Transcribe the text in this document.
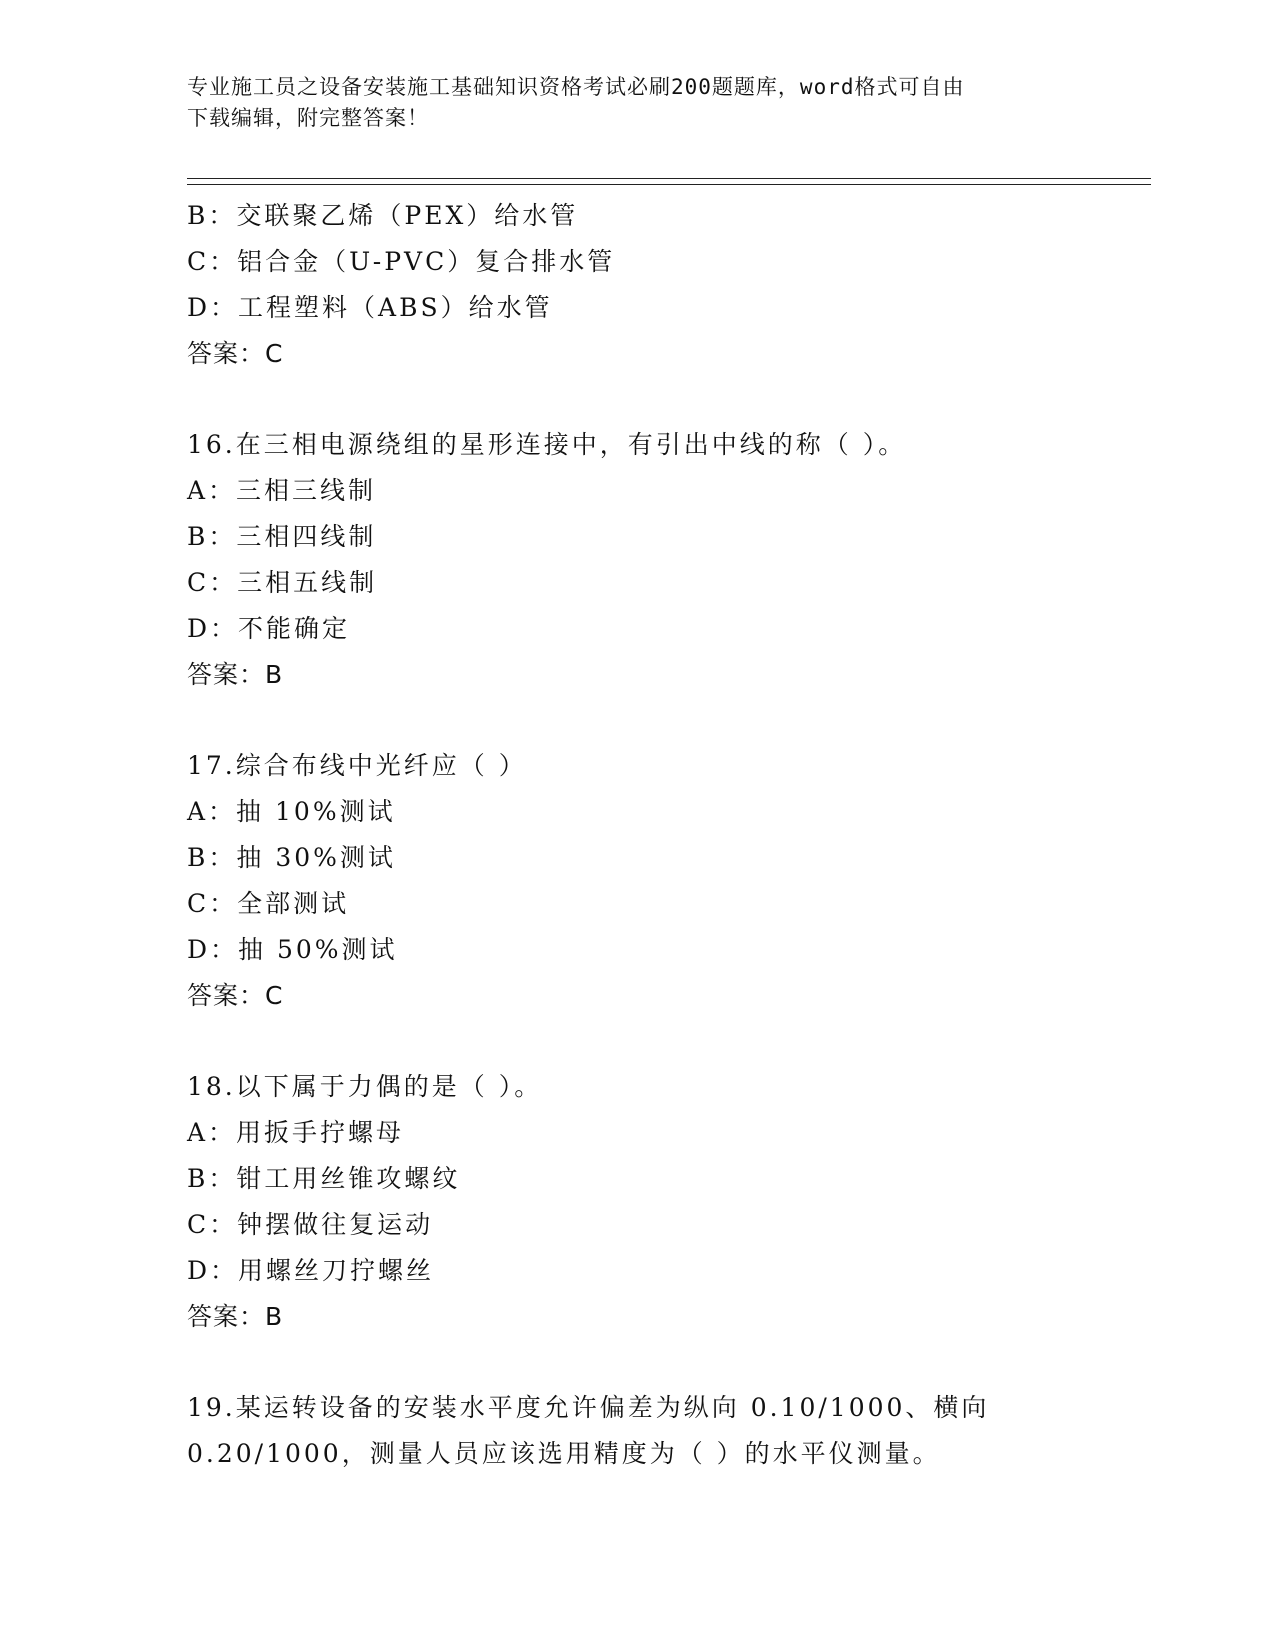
专业施工员之设备安装施工基础知识资格考试必刷200题题库，word格式可自由
下载编辑，附完整答案！
B：交联聚乙烯（PEX）给水管
C：铝合金（U-PVC）复合排水管
D：工程塑料（ABS）给水管
答案：C
16.在三相电源绕组的星形连接中，有引出中线的称（ ）。
A：三相三线制
B：三相四线制
C：三相五线制
D：不能确定
答案：B
17.综合布线中光纤应（ ）
A：抽 10%测试
B：抽 30%测试
C：全部测试
D：抽 50%测试
答案：C
18.以下属于力偶的是（ ）。
A：用扳手拧螺母
B：钳工用丝锥攻螺纹
C：钟摆做往复运动
D：用螺丝刀拧螺丝
答案：B
19.某运转设备的安装水平度允许偏差为纵向 0.10/1000、横向
0.20/1000，测量人员应该选用精度为（ ）的水平仪测量。
